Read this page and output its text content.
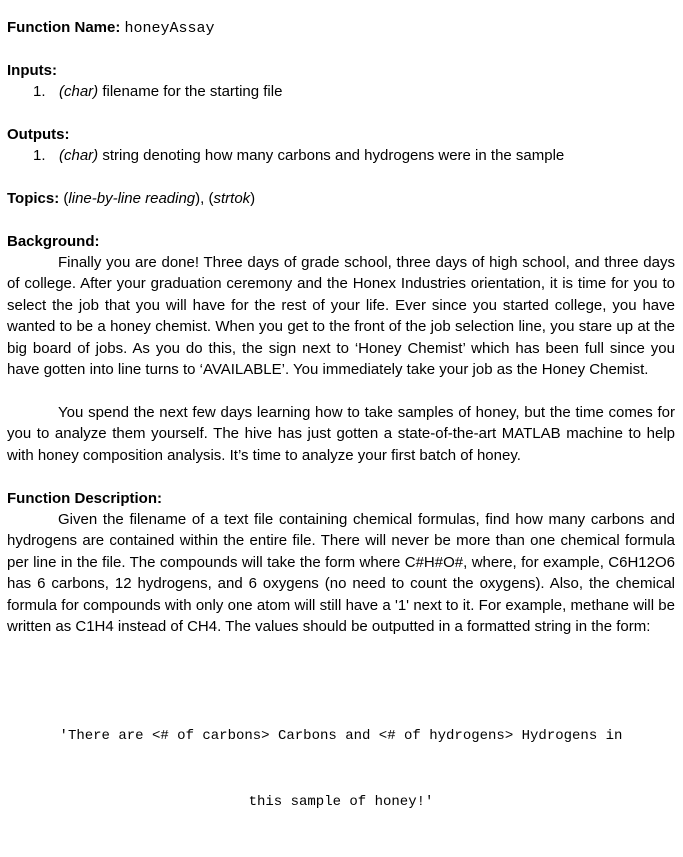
Function Name: honeyAssay
Inputs:
1. (char) filename for the starting file
Outputs:
1. (char) string denoting how many carbons and hydrogens were in the sample
Topics: (line-by-line reading), (strtok)
Background:

Finally you are done! Three days of grade school, three days of high school, and three days of college. After your graduation ceremony and the Honex Industries orientation, it is time for you to select the job that you will have for the rest of your life. Ever since you started college, you have wanted to be a honey chemist. When you get to the front of the job selection line, you stare up at the big board of jobs. As you do this, the sign next to ‘Honey Chemist’ which has been full since you have gotten into line turns to ‘AVAILABLE’. You immediately take your job as the Honey Chemist.

You spend the next few days learning how to take samples of honey, but the time comes for you to analyze them yourself. The hive has just gotten a state-of-the-art MATLAB machine to help with honey composition analysis. It’s time to analyze your first batch of honey.

Function Description:

Given the filename of a text file containing chemical formulas, find how many carbons and hydrogens are contained within the entire file. There will never be more than one chemical formula per line in the file. The compounds will take the form where C#H#O#, where, for example, C6H12O6 has 6 carbons, 12 hydrogens, and 6 oxygens (no need to count the oxygens). Also, the chemical formula for compounds with only one atom will still have a '1' next to it. For example, methane will be written as C1H4 instead of CH4. The values should be outputted in a formatted string in the form:

'There are <# of carbons> Carbons and <# of hydrogens> Hydrogens in

this sample of honey!'
